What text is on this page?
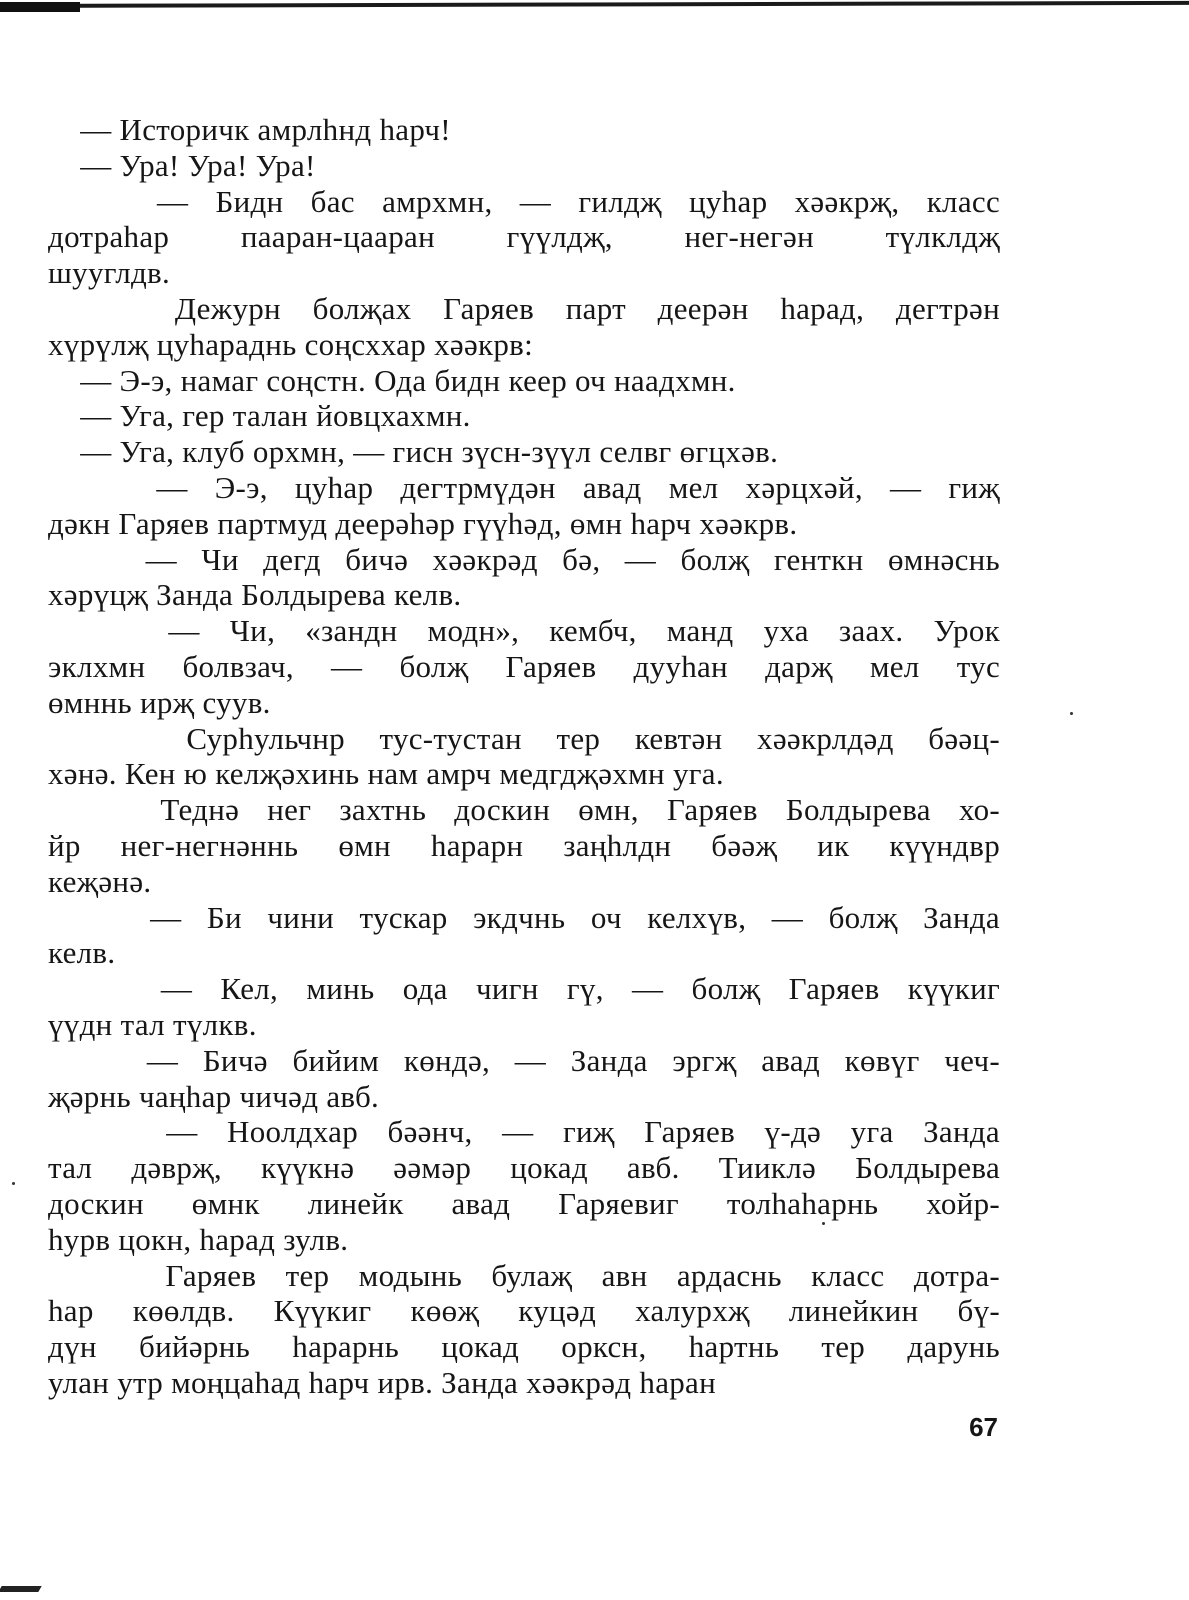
— Историчк амрлһнд һарч!
— Ура! Ура! Ура!
— Бидн бас амрхмн, — гилдҗ цуһар хәәкрҗ, класс
дотраһар пааран-цааран гүүлдҗ, нег-негән түлклдҗ
шууглдв.
Дежурн болҗах Гаряев парт деерән һарад, дегтрән
хүрүлҗ цуһараднь соңсххар хәәкрв:
— Э-э, намаг соңстн. Ода бидн кеер оч наадхмн.
— Уга, гер талан йовцхахмн.
— Уга, клуб орхмн, — гисн зүсн-зүүл селвг өгцхәв.
— Э-э, цуһар дегтрмүдән авад мел хәрцхәй, — гиҗ
дәкн Гаряев партмуд деерәһәр гүүһәд, өмн һарч хәәкрв.
— Чи дегд бичә хәәкрәд бә, — болҗ генткн өмнәснь
хәрүцҗ Занда Болдырева келв.
— Чи, «зандн модн», кембч, манд уха заах. Урок
эклхмн болвзач, — болҗ Гаряев дууһан дарҗ мел тус
өмннь ирҗ суув.
Сурһульчнр тус-тустан тер кевтән хәәкрлдәд бәәц-
хәнә. Кен ю келҗәхинь нам амрч медгдҗәхмн уга.
Теднә нег захтнь доскин өмн, Гаряев Болдырева хо-
йр нег-негнәннь өмн һарарн заңһлдн бәәҗ ик күүндвр
кеҗәнә.
— Би чини тускар экдчнь оч келхүв, — болҗ Занда
келв.
— Кел, минь ода чигн гү, — болҗ Гаряев күүкиг
үүдн тал түлкв.
— Бичә бийим көндә, — Занда эргҗ авад көвүг чеч-
җәрнь чаңһар чичәд авб.
— Ноолдхар бәәнч, — гиҗ Гаряев ү-дә уга Занда
тал дәврҗ, күүкнә әәмәр цокад авб. Тииклә Болдырева
доскин өмнк линейк авад Гаряевиг толһаһарнь хойр-
һурв цокн, һарад зулв.
Гаряев тер модынь булаҗ авн ардаснь класс дотра-
һар көөлдв. Күүкиг көөҗ куцәд халурхҗ линейкин бү-
дүн бийәрнь һарарнь цокад орксн, һартнь тер дарунь
улан утр моңцаһад һарч ирв. Занда хәәкрәд һаран
67
